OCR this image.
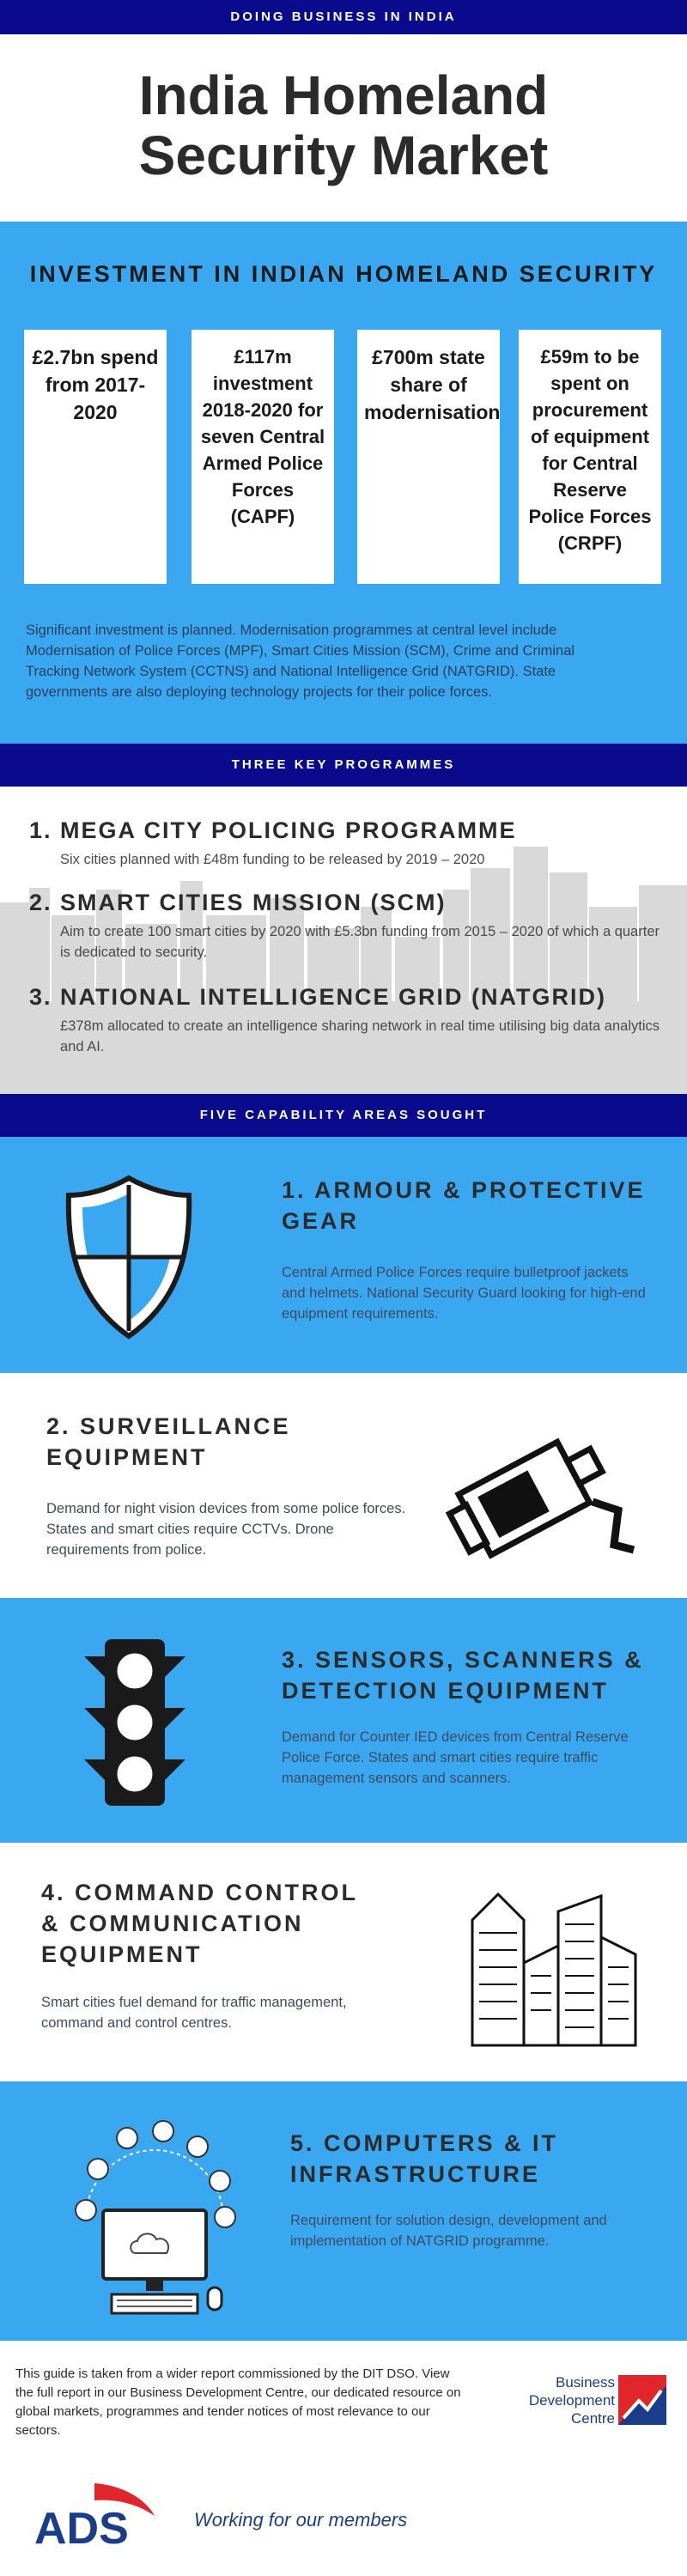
DOING BUSINESS IN INDIA
India Homeland
Security Market
INVESTMENT IN INDIAN HOMELAND SECURITY
£2.7bn spend from 2017-2020
£117m investment 2018-2020 for seven Central Armed Police Forces (CAPF)
£700m state share of modernisation
£59m to be spent on procurement of equipment for Central Reserve Police Forces (CRPF)

Significant investment is planned. Modernisation programmes at central level include Modernisation of Police Forces (MPF), Smart Cities Mission (SCM), Crime and Criminal Tracking Network System (CCTNS) and National Intelligence Grid (NATGRID). State governments are also deploying technology projects for their police forces.

THREE KEY PROGRAMMES
1. MEGA CITY POLICING PROGRAMME
Six cities planned with £48m funding to be released by 2019 – 2020
2. SMART CITIES MISSION (SCM)
Aim to create 100 smart cities by 2020 with £5.3bn funding from 2015 – 2020 of which a quarter is dedicated to security.
3. NATIONAL INTELLIGENCE GRID (NATGRID)
£378m allocated to create an intelligence sharing network in real time utilising big data analytics and AI.
FIVE CAPABILITY AREAS SOUGHT
1. ARMOUR & PROTECTIVE GEAR
Central Armed Police Forces require bulletproof jackets and helmets. National Security Guard looking for high-end equipment requirements.
2. SURVEILLANCE EQUIPMENT
Demand for night vision devices from some police forces. States and smart cities require CCTVs. Drone requirements from police.
3. SENSORS, SCANNERS & DETECTION EQUIPMENT
Demand for Counter IED devices from Central Reserve Police Force. States and smart cities require traffic management sensors and scanners.
4. COMMAND CONTROL & COMMUNICATION EQUIPMENT
Smart cities fuel demand for traffic management, command and control centres.
5. COMPUTERS & IT INFRASTRUCTURE
Requirement for solution design, development and implementation of NATGRID programme.

This guide is taken from a wider report commissioned by the DIT DSO. View the full report in our Business Development Centre, our dedicated resource on global markets, programmes and tender notices of most relevance to our sectors.

Business
Development
Centre
ADS	Working for our members
